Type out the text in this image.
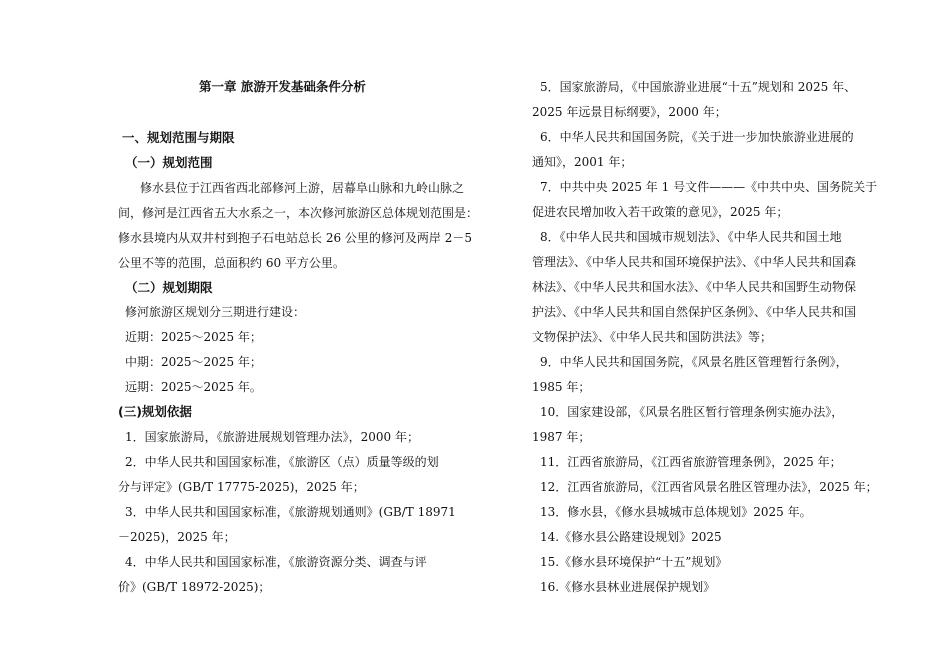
第一章 旅游开发基础条件分析
一、规划范围与期限
（一）规划范围
修水县位于江西省西北部修河上游，居幕阜山脉和九岭山脉之
间，修河是江西省五大水系之一，本次修河旅游区总体规划范围是：
修水县境内从双井村到抱子石电站总长 26 公里的修河及两岸 2－5
公里不等的范围，总面积约 60 平方公里。
（二）规划期限
修河旅游区规划分三期进行建设：
近期：2025～2025 年；
中期：2025～2025 年；
远期：2025～2025 年。
(三)规划依据
1．国家旅游局，《旅游进展规划管理办法》，2000 年；
2．中华人民共和国国家标准，《旅游区（点）质量等级的划
分与评定》(GB/T 17775-2025)，2025 年；
3．中华人民共和国国家标准，《旅游规划通则》(GB/T 18971
－2025)，2025 年；
4．中华人民共和国国家标准，《旅游资源分类、调查与评
价》(GB/T 18972-2025)；
5．国家旅游局，《中国旅游业进展“十五”规划和 2025 年、
2025 年远景目标纲要》，2000 年；
6．中华人民共和国国务院，《关于进一步加快旅游业进展的
通知》，2001 年；
7．中共中央 2025 年 1 号文件———《中共中央、国务院关于
促进农民增加收入若干政策的意见》，2025 年；
8．《中华人民共和国城市规划法》、《中华人民共和国土地
管理法》、《中华人民共和国环境保护法》、《中华人民共和国森
林法》、《中华人民共和国水法》、《中华人民共和国野生动物保
护法》、《中华人民共和国自然保护区条例》、《中华人民共和国
文物保护法》、《中华人民共和国防洪法》等；
9．中华人民共和国国务院，《风景名胜区管理暂行条例》，
1985 年；
10．国家建设部，《风景名胜区暂行管理条例实施办法》，
1987 年；
11．江西省旅游局，《江西省旅游管理条例》，2025 年；
12．江西省旅游局，《江西省风景名胜区管理办法》，2025 年；
13．修水县，《修水县城城市总体规划》2025 年。
14.《修水县公路建设规划》2025
15.《修水县环境保护“十五”规划》
16.《修水县林业进展保护规划》
